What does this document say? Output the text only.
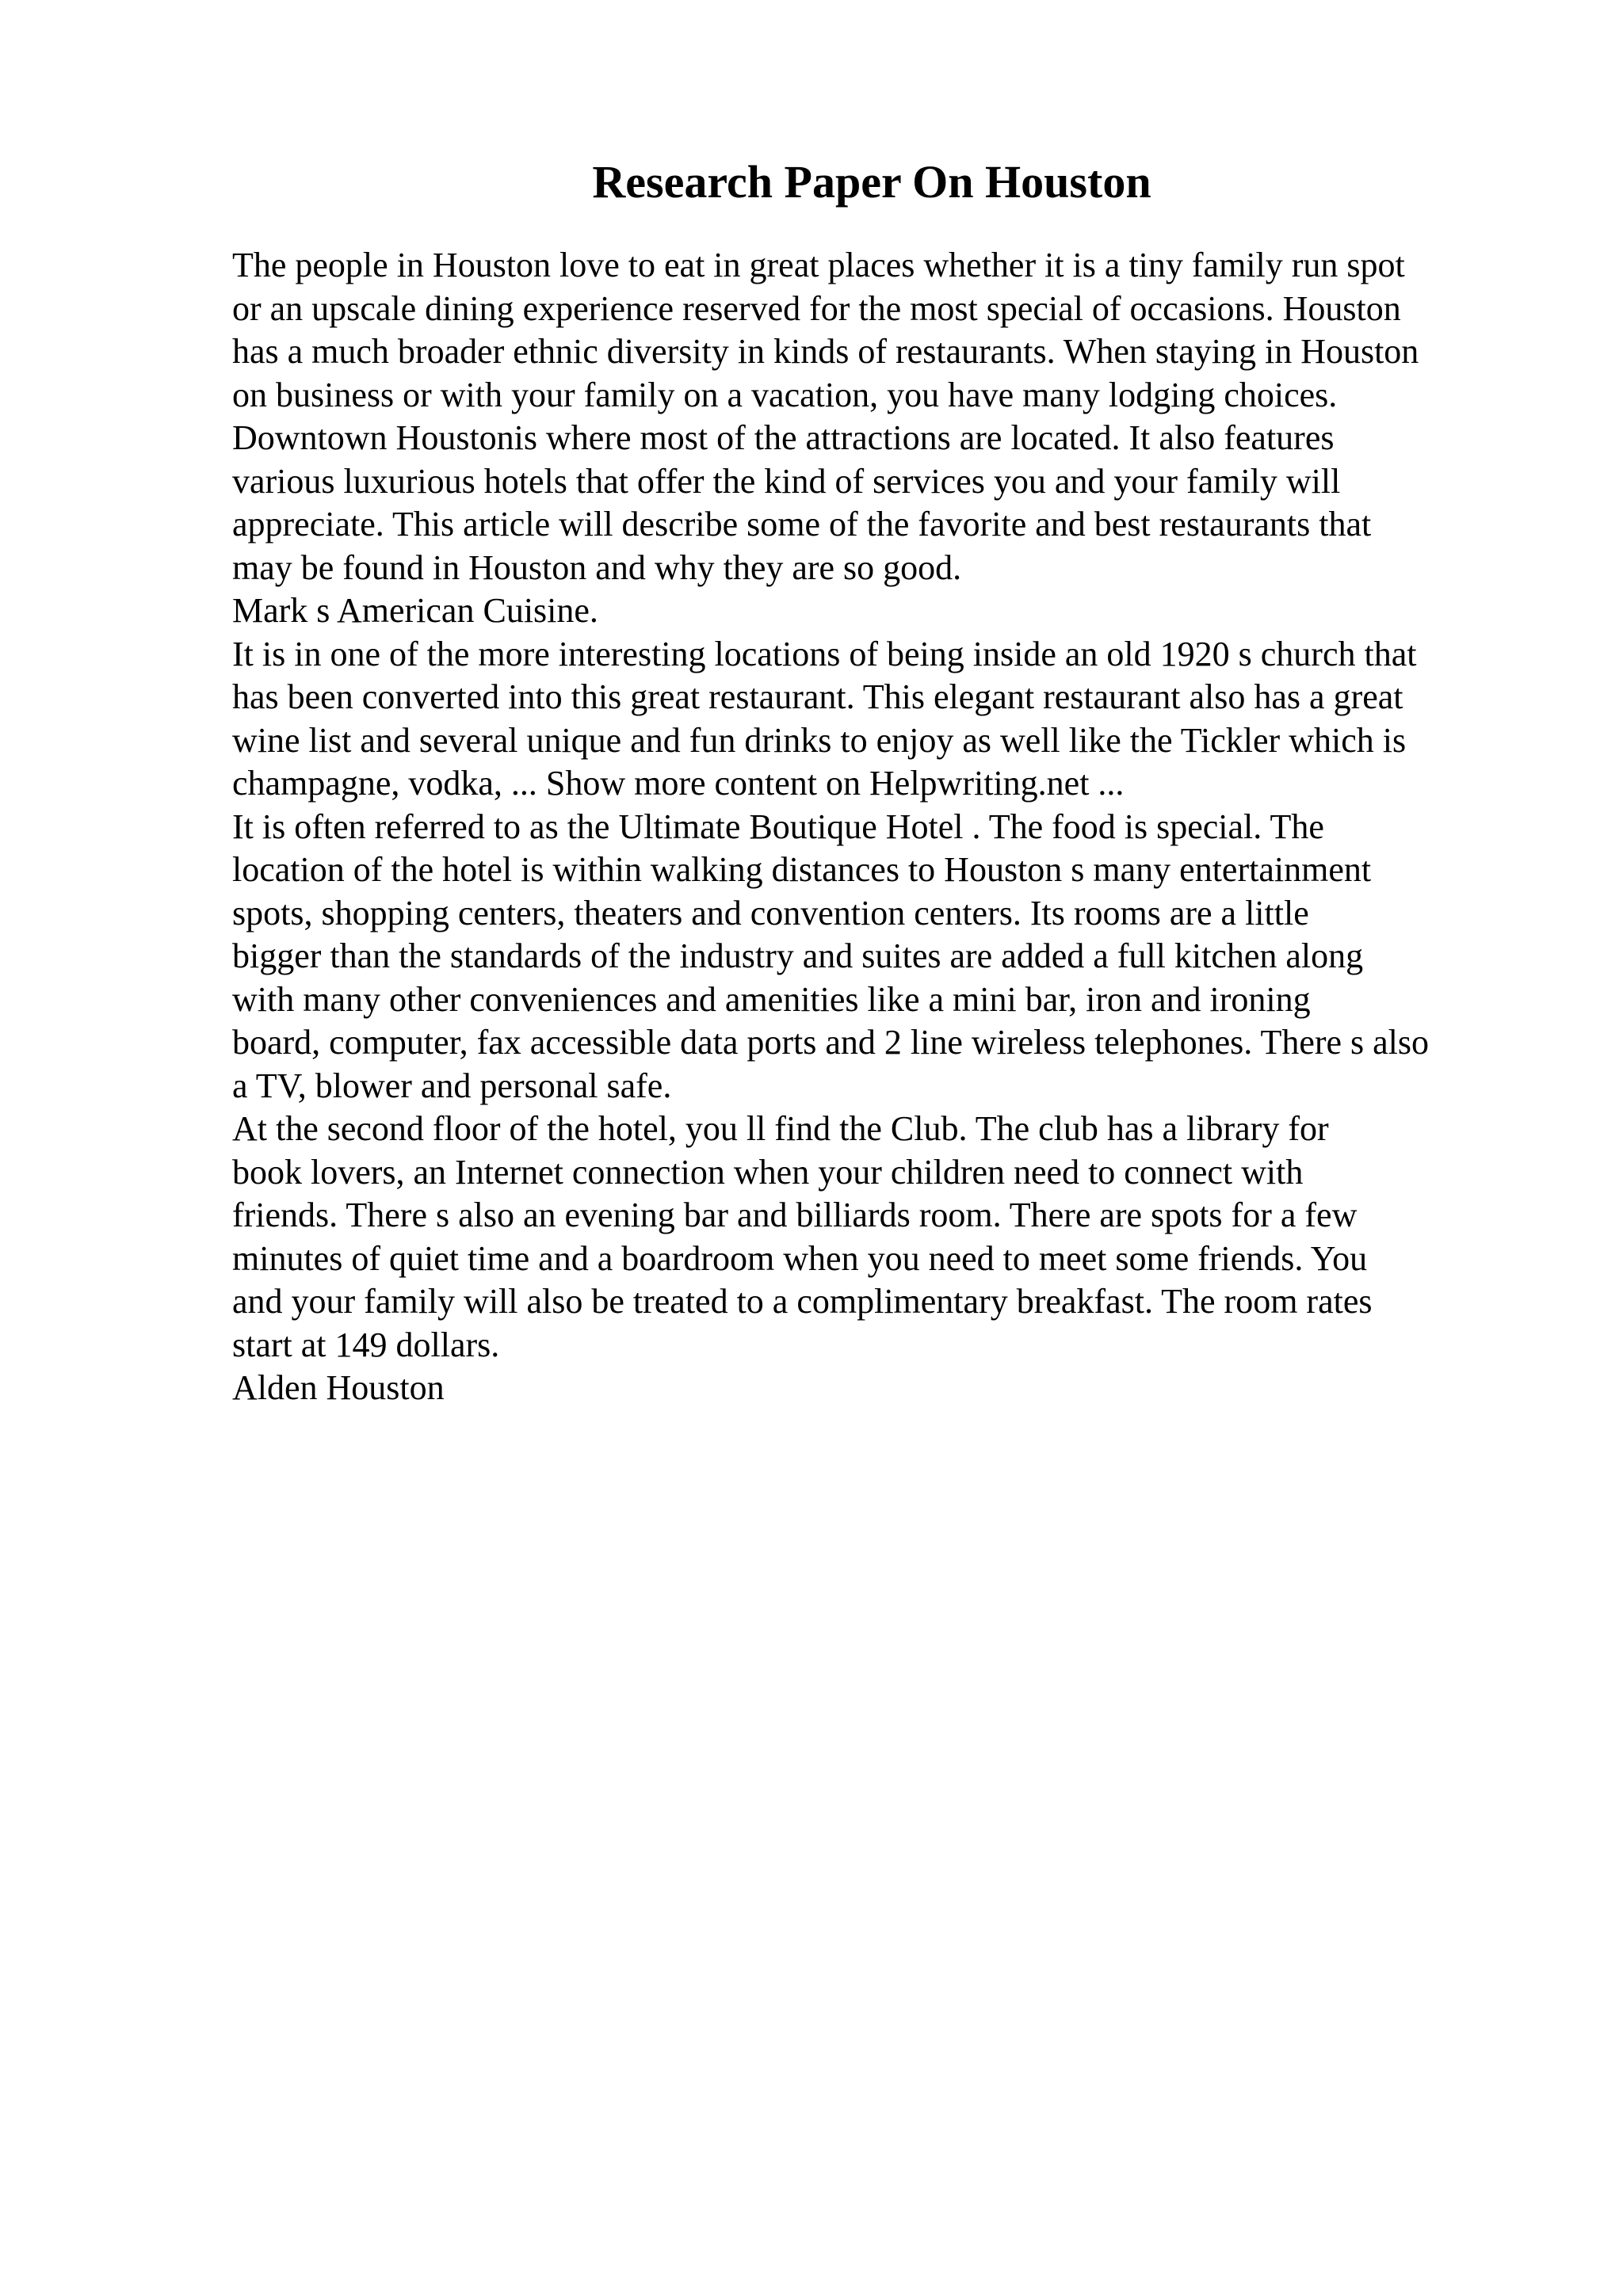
Research Paper On Houston
The people in Houston love to eat in great places whether it is a tiny family run spot
or an upscale dining experience reserved for the most special of occasions. Houston
has a much broader ethnic diversity in kinds of restaurants. When staying in Houston
on business or with your family on a vacation, you have many lodging choices.
Downtown Houstonis where most of the attractions are located. It also features
various luxurious hotels that offer the kind of services you and your family will
appreciate. This article will describe some of the favorite and best restaurants that
may be found in Houston and why they are so good.
Mark s American Cuisine.
It is in one of the more interesting locations of being inside an old 1920 s church that
has been converted into this great restaurant. This elegant restaurant also has a great
wine list and several unique and fun drinks to enjoy as well like the Tickler which is
champagne, vodka, ... Show more content on Helpwriting.net ...
It is often referred to as the Ultimate Boutique Hotel . The food is special. The
location of the hotel is within walking distances to Houston s many entertainment
spots, shopping centers, theaters and convention centers. Its rooms are a little
bigger than the standards of the industry and suites are added a full kitchen along
with many other conveniences and amenities like a mini bar, iron and ironing
board, computer, fax accessible data ports and 2 line wireless telephones. There s also
a TV, blower and personal safe.
At the second floor of the hotel, you ll find the Club. The club has a library for
book lovers, an Internet connection when your children need to connect with
friends. There s also an evening bar and billiards room. There are spots for a few
minutes of quiet time and a boardroom when you need to meet some friends. You
and your family will also be treated to a complimentary breakfast. The room rates
start at 149 dollars.
Alden Houston
